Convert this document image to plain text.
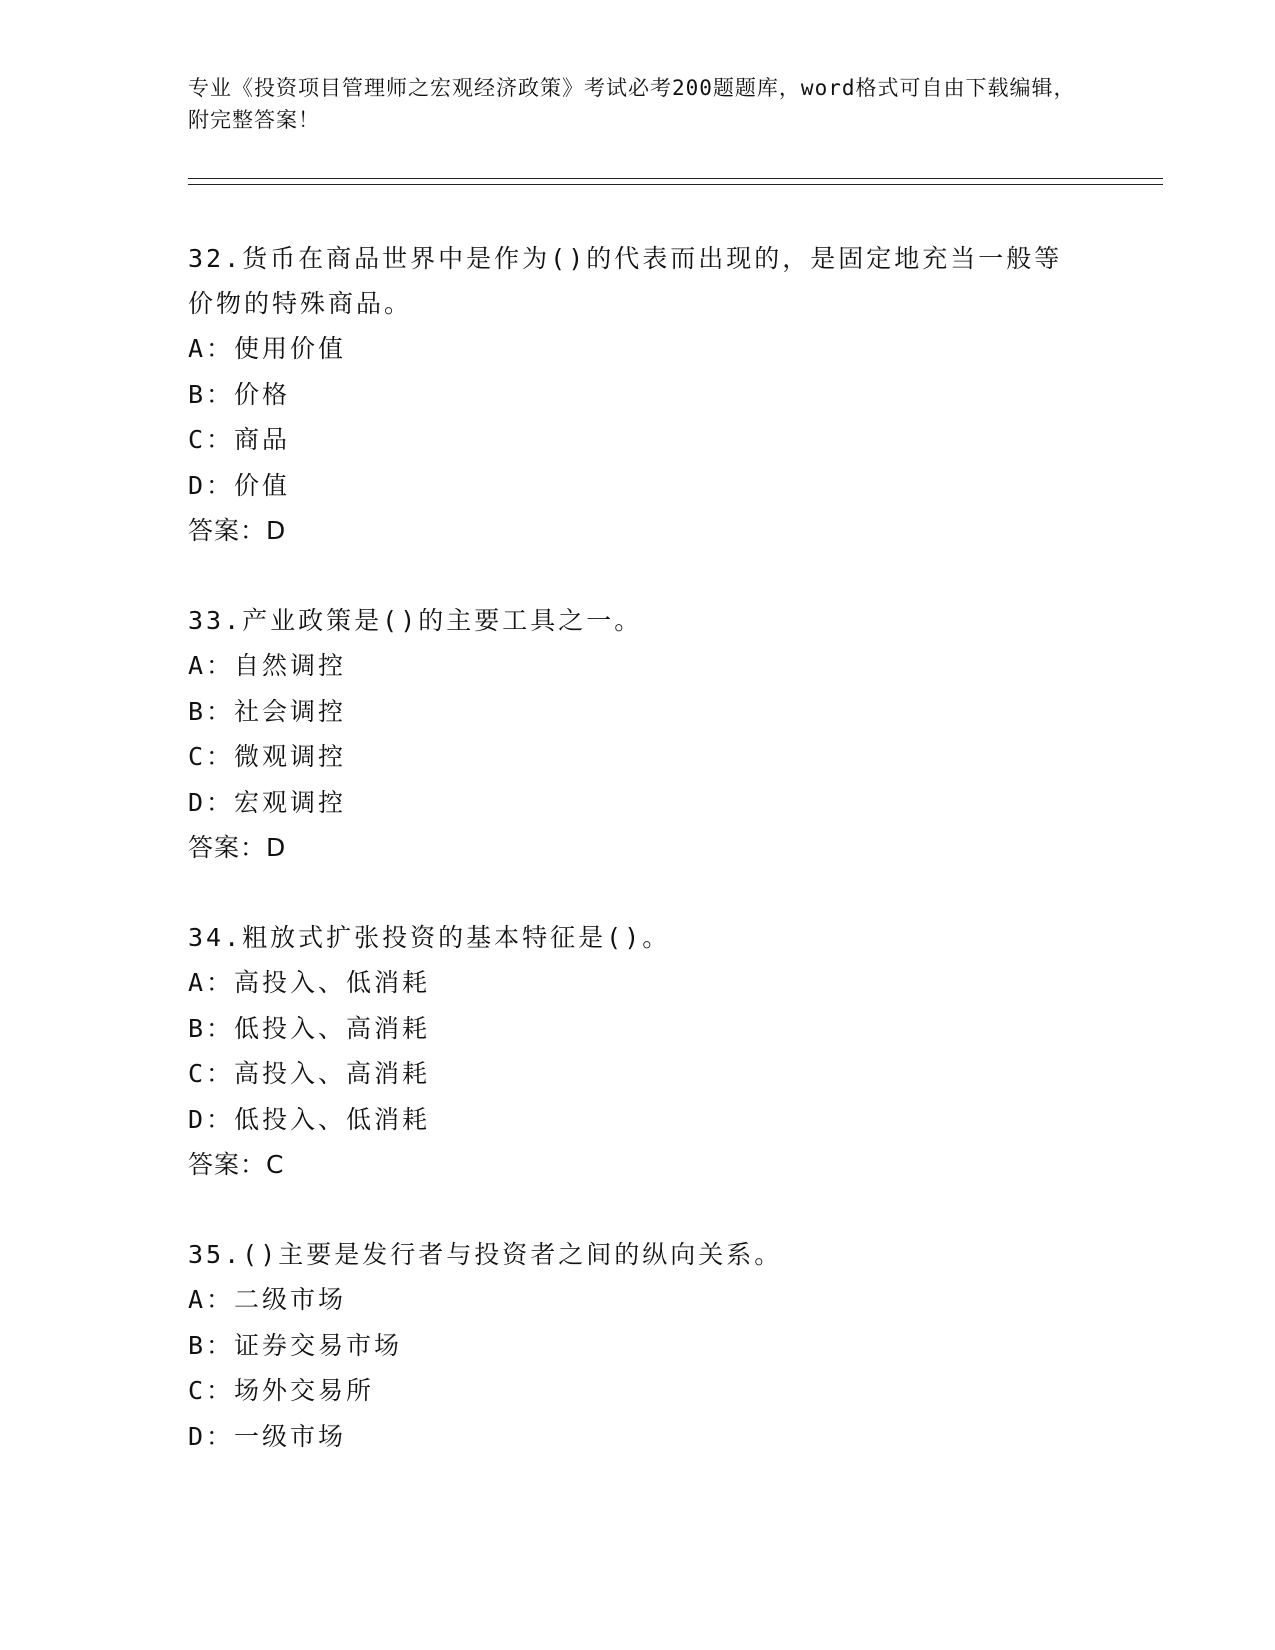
专业《投资项目管理师之宏观经济政策》考试必考200题题库，word格式可自由下载编辑，附完整答案！
32.货币在商品世界中是作为()的代表而出现的，是固定地充当一般等价物的特殊商品。
A：使用价值
B：价格
C：商品
D：价值
答案：D
33.产业政策是()的主要工具之一。
A：自然调控
B：社会调控
C：微观调控
D：宏观调控
答案：D
34.粗放式扩张投资的基本特征是()。
A：高投入、低消耗
B：低投入、高消耗
C：高投入、高消耗
D：低投入、低消耗
答案：C
35.()主要是发行者与投资者之间的纵向关系。
A：二级市场
B：证券交易市场
C：场外交易所
D：一级市场
